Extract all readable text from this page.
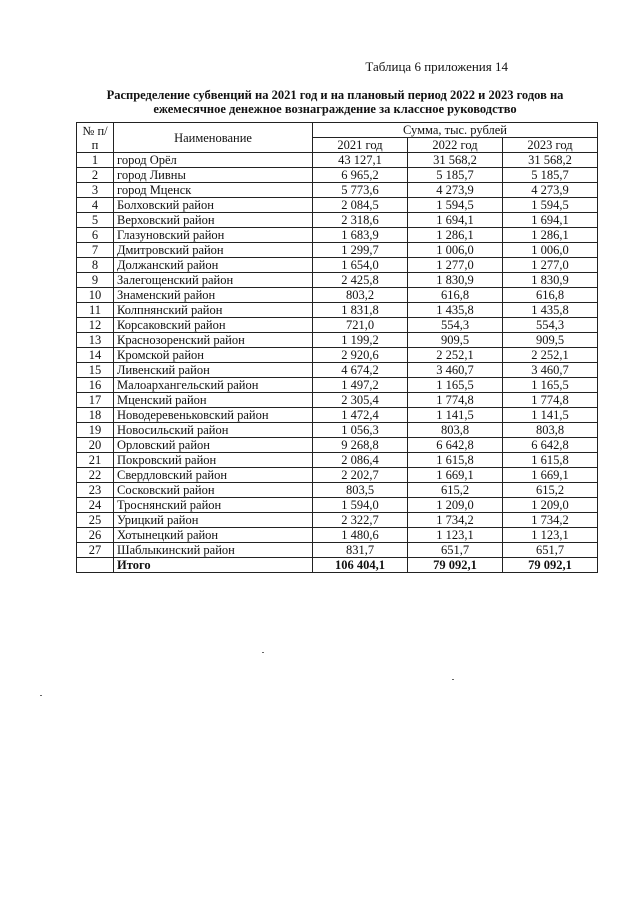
Таблица 6 приложения 14
Распределение субвенций на 2021 год и на плановый период 2022 и 2023 годов на
ежемесячное денежное вознаграждение за классное руководство
№ п/п	Наименование	Сумма, тыс. рублей		
		2021 год	2022 год	2023 год
1	город Орёл	43 127,1	31 568,2	31 568,2
2	город Ливны	6 965,2	5 185,7	5 185,7
3	город Мценск	5 773,6	4 273,9	4 273,9
4	Болховский район	2 084,5	1 594,5	1 594,5
5	Верховский район	2 318,6	1 694,1	1 694,1
6	Глазуновский район	1 683,9	1 286,1	1 286,1
7	Дмитровский район	1 299,7	1 006,0	1 006,0
8	Должанский район	1 654,0	1 277,0	1 277,0
9	Залегощенский район	2 425,8	1 830,9	1 830,9
10	Знаменский район	803,2	616,8	616,8
11	Колпнянский район	1 831,8	1 435,8	1 435,8
12	Корсаковский район	721,0	554,3	554,3
13	Краснозоренский район	1 199,2	909,5	909,5
14	Кромской район	2 920,6	2 252,1	2 252,1
15	Ливенский район	4 674,2	3 460,7	3 460,7
16	Малоархангельский район	1 497,2	1 165,5	1 165,5
17	Мценский район	2 305,4	1 774,8	1 774,8
18	Новодеревеньковский район	1 472,4	1 141,5	1 141,5
19	Новосильский район	1 056,3	803,8	803,8
20	Орловский район	9 268,8	6 642,8	6 642,8
21	Покровский район	2 086,4	1 615,8	1 615,8
22	Свердловский район	2 202,7	1 669,1	1 669,1
23	Сосковский район	803,5	615,2	615,2
24	Троснянский район	1 594,0	1 209,0	1 209,0
25	Урицкий район	2 322,7	1 734,2	1 734,2
26	Хотынецкий район	1 480,6	1 123,1	1 123,1
27	Шаблыкинский район	831,7	651,7	651,7
	Итого	106 404,1	79 092,1	79 092,1
